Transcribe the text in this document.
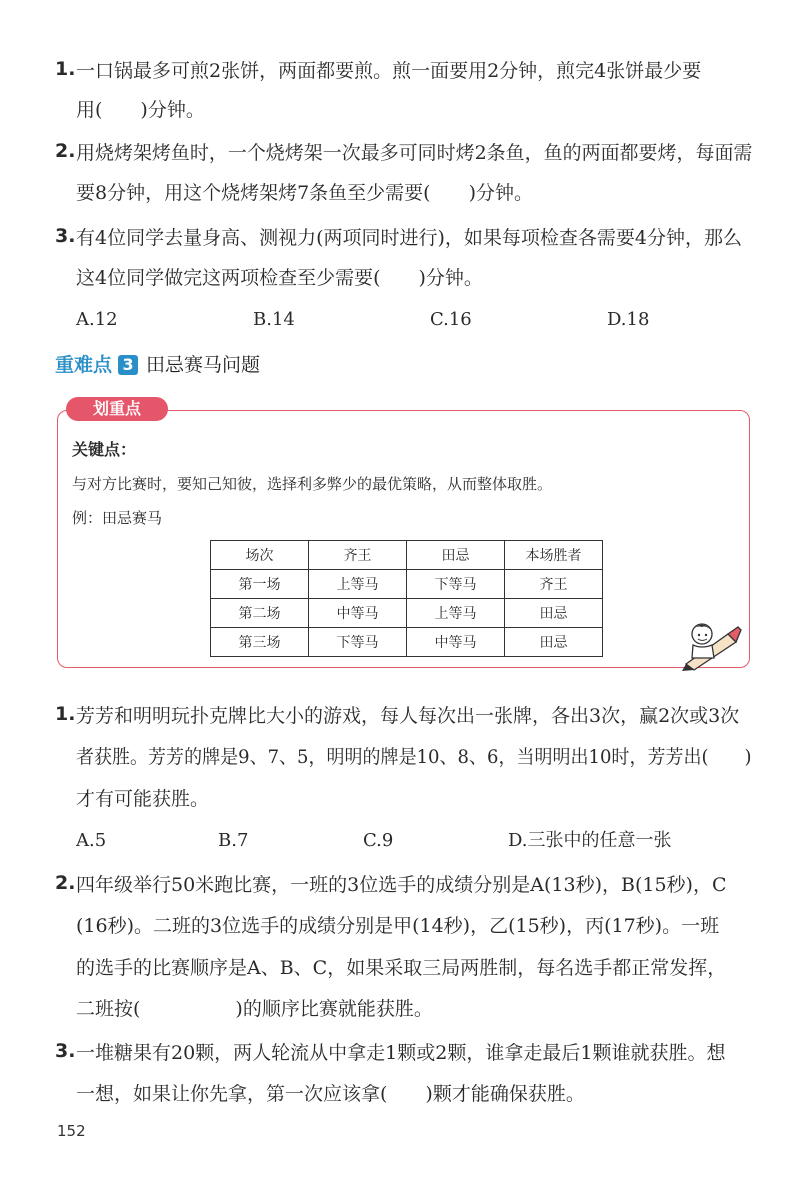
1. 一口锅最多可煎2张饼，两面都要煎。煎一面要用2分钟，煎完4张饼最少要
用(　　)分钟。
2. 用烧烤架烤鱼时，一个烧烤架一次最多可同时烤2条鱼，鱼的两面都要烤，每面需
要8分钟，用这个烧烤架烤7条鱼至少需要(　　)分钟。
3. 有4位同学去量身高、测视力(两项同时进行)，如果每项检查各需要4分钟，那么
这4位同学做完这两项检查至少需要(　　)分钟。
A.12	B.14	C.16	D.18
重难点 3 田忌赛马问题
划重点
关键点：
与对方比赛时，要知己知彼，选择利多弊少的最优策略，从而整体取胜。
例：田忌赛马
场次	齐王	田忌	本场胜者
第一场	上等马	下等马	齐王
第二场	中等马	上等马	田忌
第三场	下等马	中等马	田忌
1. 芳芳和明明玩扑克牌比大小的游戏，每人每次出一张牌，各出3次，赢2次或3次
者获胜。芳芳的牌是9、7、5，明明的牌是10、8、6，当明明出10时，芳芳出(　　)
才有可能获胜。
A.5	B.7	C.9	D.三张中的任意一张
2. 四年级举行50米跑比赛，一班的3位选手的成绩分别是A(13秒)，B(15秒)，C
(16秒)。二班的3位选手的成绩分别是甲(14秒)，乙(15秒)，丙(17秒)。一班
的选手的比赛顺序是A、B、C，如果采取三局两胜制，每名选手都正常发挥，
二班按(　　　　　)的顺序比赛就能获胜。
3. 一堆糖果有20颗，两人轮流从中拿走1颗或2颗，谁拿走最后1颗谁就获胜。想
一想，如果让你先拿，第一次应该拿(　　)颗才能确保获胜。
152
